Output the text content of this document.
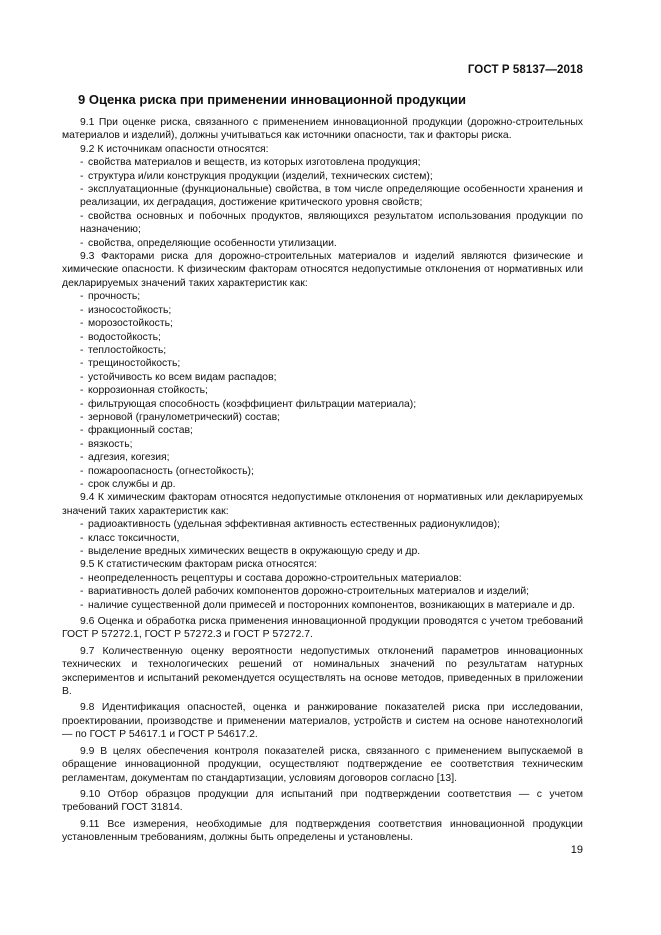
ГОСТ Р 58137—2018
9 Оценка риска при применении инновационной продукции
9.1 При оценке риска, связанного с применением инновационной продукции (дорожно-строительных материалов и изделий), должны учитываться как источники опасности, так и факторы риска.
9.2 К источникам опасности относятся:
- свойства материалов и веществ, из которых изготовлена продукция;
- структура и/или конструкция продукции (изделий, технических систем);
- эксплуатационные (функциональные) свойства, в том числе определяющие особенности хранения и реализации, их деградация, достижение критического уровня свойств;
- свойства основных и побочных продуктов, являющихся результатом использования продукции по назначению;
- свойства, определяющие особенности утилизации.
9.3 Факторами риска для дорожно-строительных материалов и изделий являются физические и химические опасности. К физическим факторам относятся недопустимые отклонения от нормативных или декларируемых значений таких характеристик как:
- прочность;
- износостойкость;
- морозостойкость;
- водостойкость;
- теплостойкость;
- трещиностойкость;
- устойчивость ко всем видам распадов;
- коррозионная стойкость;
- фильтрующая способность (коэффициент фильтрации материала);
- зерновой (гранулометрический) состав;
- фракционный состав;
- вязкость;
- адгезия, когезия;
- пожароопасность (огнестойкость);
- срок службы и др.
9.4 К химическим факторам относятся недопустимые отклонения от нормативных или декларируемых значений таких характеристик как:
- радиоактивность (удельная эффективная активность естественных радионуклидов);
- класс токсичности,
- выделение вредных химических веществ в окружающую среду и др.
9.5 К статистическим факторам риска относятся:
- неопределенность рецептуры и состава дорожно-строительных материалов:
- вариативность долей рабочих компонентов дорожно-строительных материалов и изделий;
- наличие существенной доли примесей и посторонних компонентов, возникающих в материале и др.
9.6 Оценка и обработка риска применения инновационной продукции проводятся с учетом требований ГОСТ Р 57272.1, ГОСТ Р 57272.3 и ГОСТ Р 57272.7.
9.7 Количественную оценку вероятности недопустимых отклонений параметров инновационных технических и технологических решений от номинальных значений по результатам натурных экспериментов и испытаний рекомендуется осуществлять на основе методов, приведенных в приложении В.
9.8 Идентификация опасностей, оценка и ранжирование показателей риска при исследовании, проектировании, производстве и применении материалов, устройств и систем на основе нанотехнологий — по ГОСТ Р 54617.1 и ГОСТ Р 54617.2.
9.9 В целях обеспечения контроля показателей риска, связанного с применением выпускаемой в обращение инновационной продукции, осуществляют подтверждение ее соответствия техническим регламентам, документам по стандартизации, условиям договоров согласно [13].
9.10 Отбор образцов продукции для испытаний при подтверждении соответствия — с учетом требований ГОСТ 31814.
9.11 Все измерения, необходимые для подтверждения соответствия инновационной продукции установленным требованиям, должны быть определены и установлены.
19
